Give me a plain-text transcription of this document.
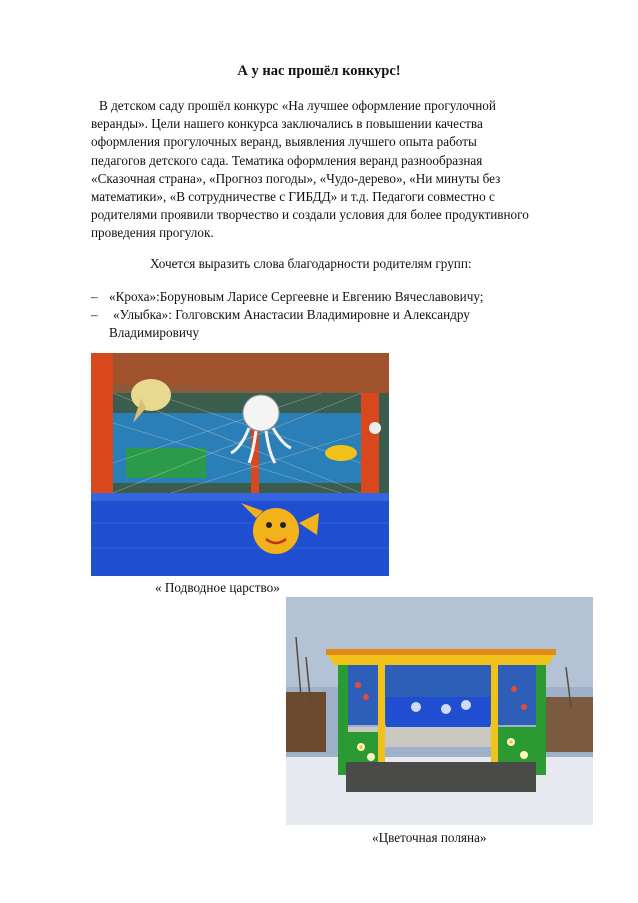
А у нас прошёл конкурс!
В детском саду прошёл конкурс «На лучшее оформление прогулочной
веранды». Цели нашего конкурса заключались в повышении качества
оформления прогулочных веранд, выявления лучшего опыта работы
педагогов детского сада. Тематика оформления веранд разнообразная
«Сказочная страна», «Прогноз погоды», «Чудо-дерево», «Ни минуты без
математики», «В сотрудничестве с ГИБДД» и т.д. Педагоги совместно с
родителями проявили творчество и создали условия для более продуктивного
проведения прогулок.
Хочется выразить слова благодарности родителям групп:
– «Кроха»:Боруновым Ларисе Сергеевне и Евгению Вячеславовичу;
– «Улыбка»: Голговским Анастасии Владимировне и Александру
Владимировичу
« Подводное царство»
«Цветочная поляна»
